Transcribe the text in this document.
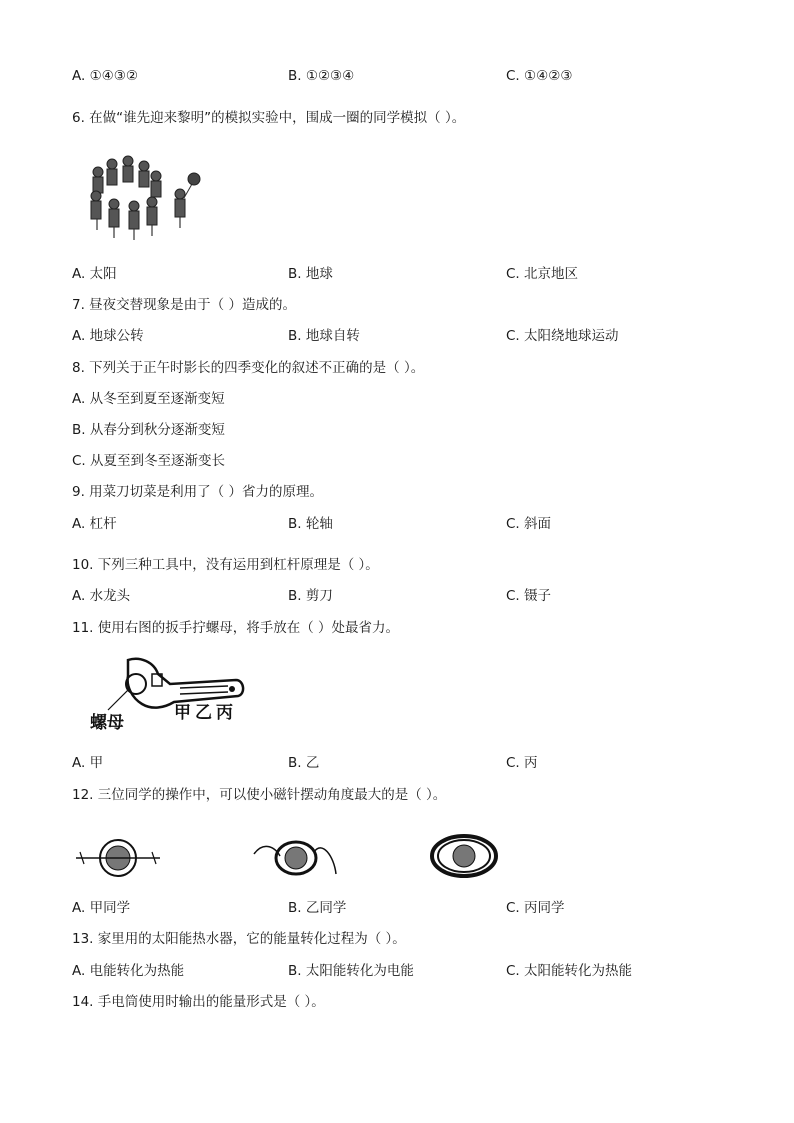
A. ①④③②	B. ①②③④	C. ①④②③
6. 在做“谁先迎来黎明”的模拟实验中，围成一圈的同学模拟（ ）。
A. 太阳	B. 地球	C. 北京地区
7. 昼夜交替现象是由于（ ）造成的。
A. 地球公转	B. 地球自转	C. 太阳绕地球运动
8. 下列关于正午时影长的四季变化的叙述不正确的是（ ）。
A. 从冬至到夏至逐渐变短
B. 从春分到秋分逐渐变短
C. 从夏至到冬至逐渐变长
9. 用菜刀切菜是利用了（ ）省力的原理。
A. 杠杆	B. 轮轴	C. 斜面
10. 下列三种工具中，没有运用到杠杆原理是（ ）。
A. 水龙头	B. 剪刀	C. 镊子
11. 使用右图的扳手拧螺母，将手放在（ ）处最省力。
螺母	甲 乙 丙
A. 甲	B. 乙	C. 丙
12. 三位同学的操作中，可以使小磁针摆动角度最大的是（ ）。
A. 甲同学	B. 乙同学	C. 丙同学
13. 家里用的太阳能热水器，它的能量转化过程为（ ）。
A. 电能转化为热能	B. 太阳能转化为电能	C. 太阳能转化为热能
14. 手电筒使用时输出的能量形式是（ ）。
